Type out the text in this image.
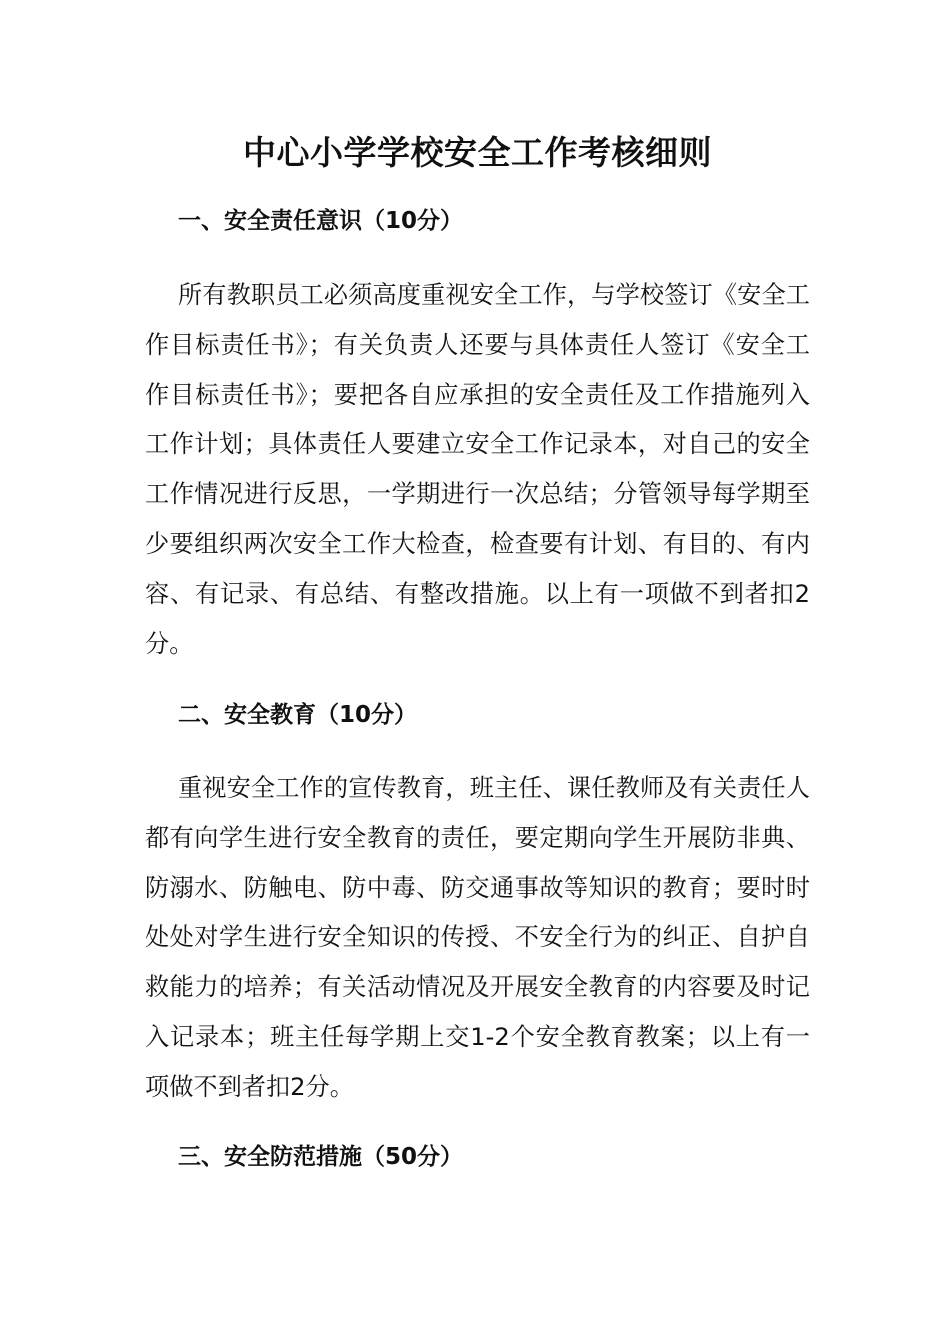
中心小学学校安全工作考核细则
一、安全责任意识（10分）

所有教职员工必须高度重视安全工作，与学校签订《安全工作目标责任书》；有关负责人还要与具体责任人签订《安全工作目标责任书》；要把各自应承担的安全责任及工作措施列入工作计划；具体责任人要建立安全工作记录本，对自己的安全工作情况进行反思，一学期进行一次总结；分管领导每学期至少要组织两次安全工作大检查，检查要有计划、有目的、有内容、有记录、有总结、有整改措施。以上有一项做不到者扣2分。

二、安全教育（10分）

重视安全工作的宣传教育，班主任、课任教师及有关责任人都有向学生进行安全教育的责任，要定期向学生开展防非典、防溺水、防触电、防中毒、防交通事故等知识的教育；要时时处处对学生进行安全知识的传授、不安全行为的纠正、自护自救能力的培养；有关活动情况及开展安全教育的内容要及时记入记录本；班主任每学期上交1-2个安全教育教案；以上有一项做不到者扣2分。

三、安全防范措施（50分）
